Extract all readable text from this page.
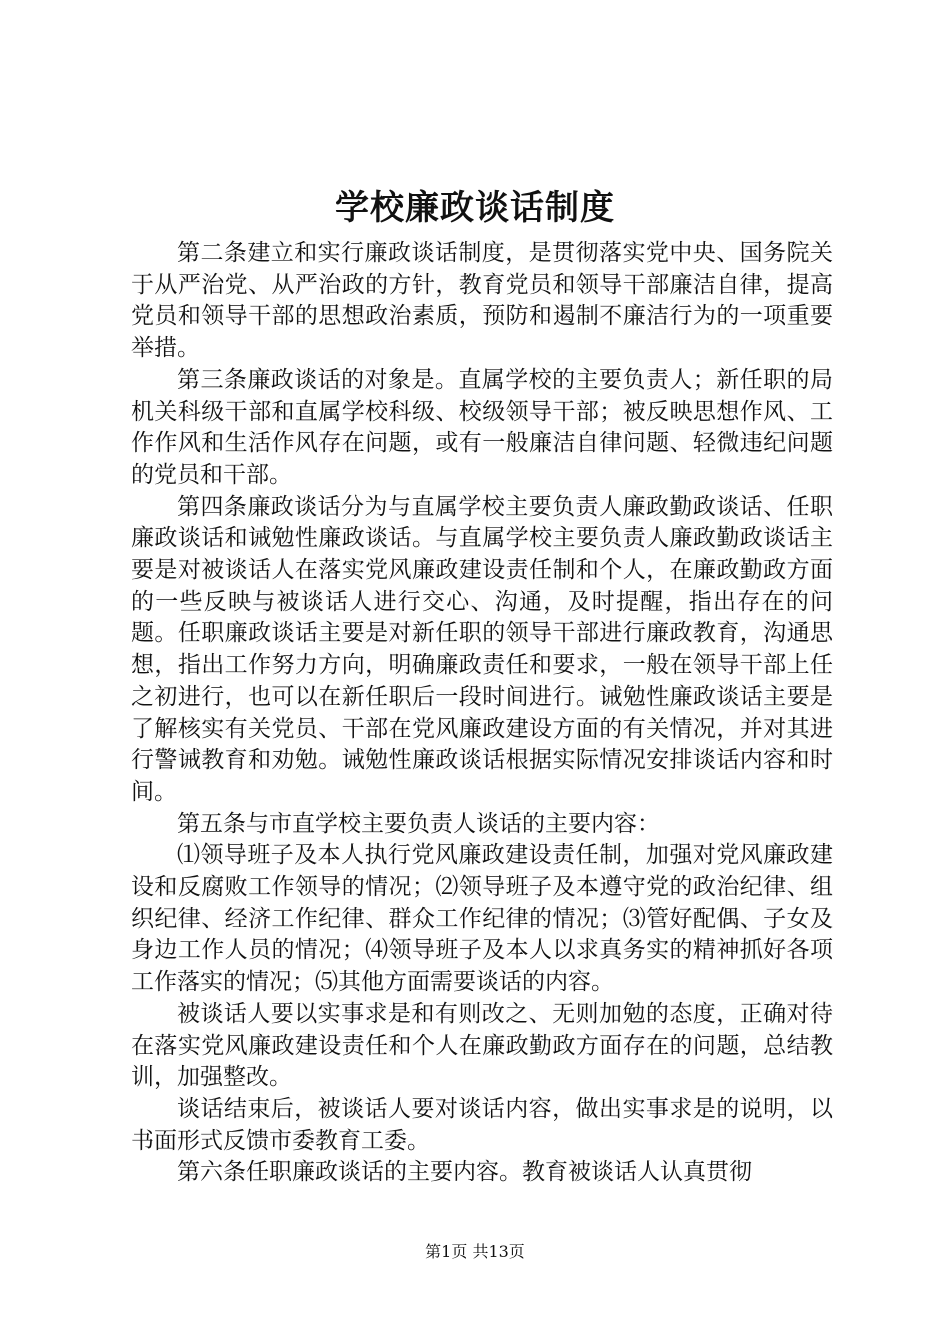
学校廉政谈话制度

第二条建立和实行廉政谈话制度，是贯彻落实党中央、国务院关于从严治党、从严治政的方针，教育党员和领导干部廉洁自律，提高党员和领导干部的思想政治素质，预防和遏制不廉洁行为的一项重要举措。

第三条廉政谈话的对象是。直属学校的主要负责人；新任职的局机关科级干部和直属学校科级、校级领导干部；被反映思想作风、工作作风和生活作风存在问题，或有一般廉洁自律问题、轻微违纪问题的党员和干部。

第四条廉政谈话分为与直属学校主要负责人廉政勤政谈话、任职廉政谈话和诫勉性廉政谈话。与直属学校主要负责人廉政勤政谈话主要是对被谈话人在落实党风廉政建设责任制和个人，在廉政勤政方面的一些反映与被谈话人进行交心、沟通，及时提醒，指出存在的问题。任职廉政谈话主要是对新任职的领导干部进行廉政教育，沟通思想，指出工作努力方向，明确廉政责任和要求，一般在领导干部上任之初进行，也可以在新任职后一段时间进行。诫勉性廉政谈话主要是了解核实有关党员、干部在党风廉政建设方面的有关情况，并对其进行警诫教育和劝勉。诫勉性廉政谈话根据实际情况安排谈话内容和时间。

第五条与市直学校主要负责人谈话的主要内容：

⑴领导班子及本人执行党风廉政建设责任制，加强对党风廉政建设和反腐败工作领导的情况；⑵领导班子及本遵守党的政治纪律、组织纪律、经济工作纪律、群众工作纪律的情况；⑶管好配偶、子女及身边工作人员的情况；⑷领导班子及本人以求真务实的精神抓好各项工作落实的情况；⑸其他方面需要谈话的内容。

被谈话人要以实事求是和有则改之、无则加勉的态度，正确对待在落实党风廉政建设责任和个人在廉政勤政方面存在的问题，总结教训，加强整改。

谈话结束后，被谈话人要对谈话内容，做出实事求是的说明，以书面形式反馈市委教育工委。

第六条任职廉政谈话的主要内容。教育被谈话人认真贯彻

第1页 共13页
